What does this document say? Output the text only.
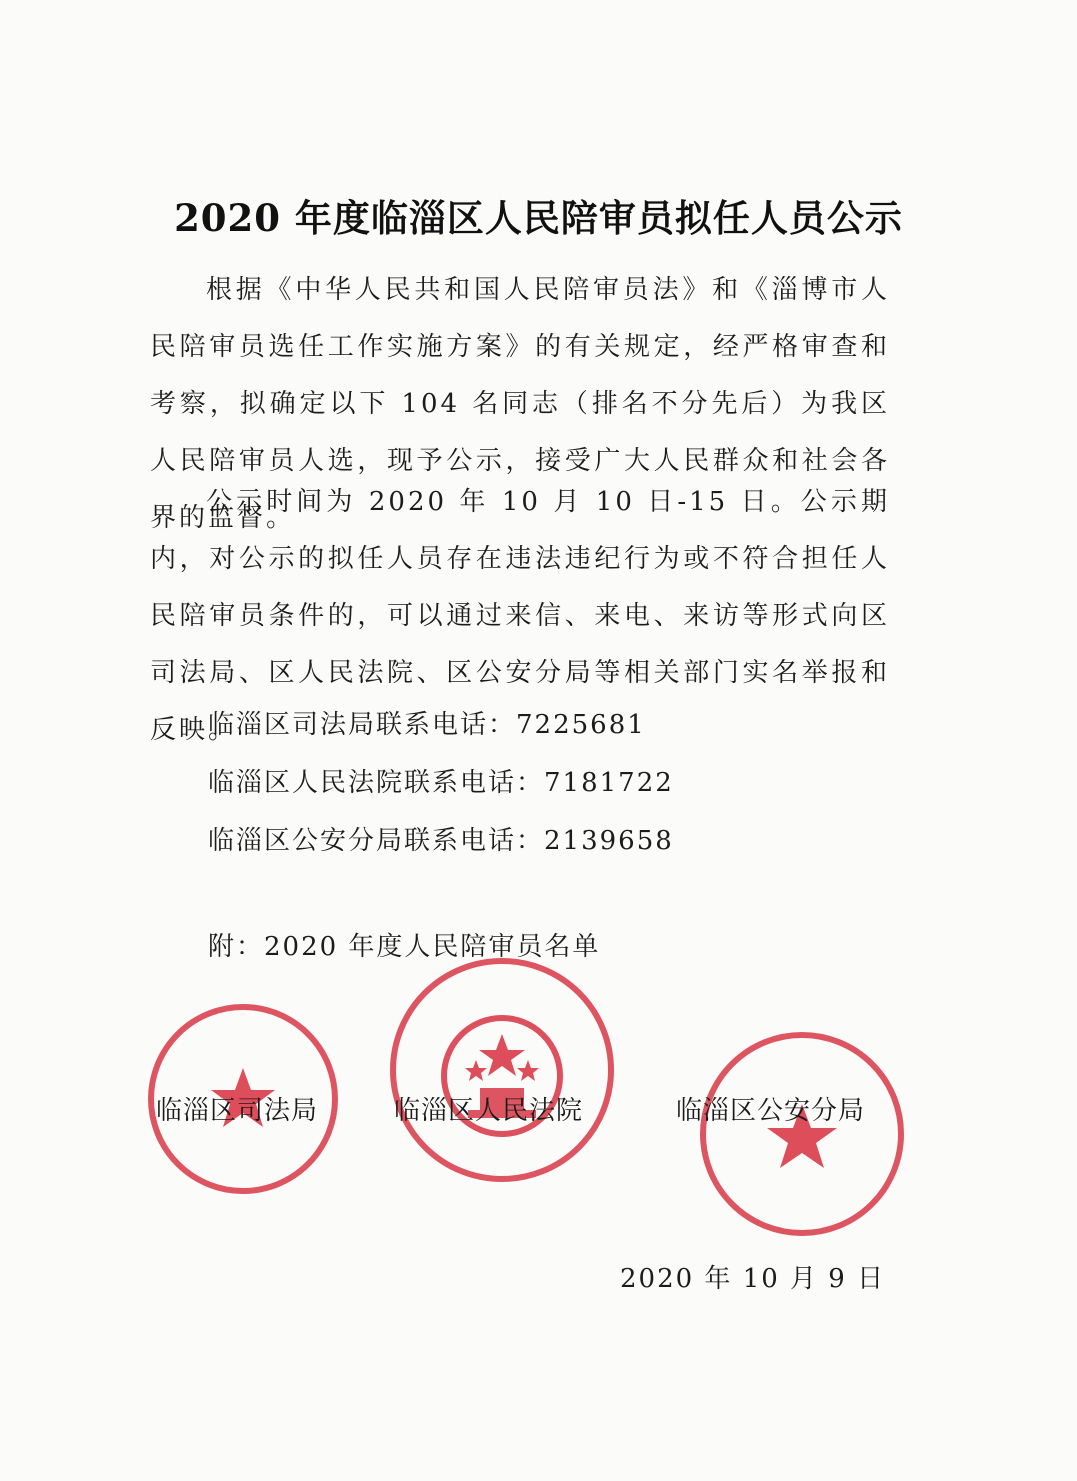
2020 年度临淄区人民陪审员拟任人员公示
根据《中华人民共和国人民陪审员法》和《淄博市人民陪审员选任工作实施方案》的有关规定，经严格审查和考察，拟确定以下 104 名同志（排名不分先后）为我区人民陪审员人选，现予公示，接受广大人民群众和社会各界的监督。
公示时间为 2020 年 10 月 10 日-15 日。公示期内，对公示的拟任人员存在违法违纪行为或不符合担任人民陪审员条件的，可以通过来信、来电、来访等形式向区司法局、区人民法院、区公安分局等相关部门实名举报和反映。
临淄区司法局联系电话：7225681
临淄区人民法院联系电话：7181722
临淄区公安分局联系电话：2139658
附：2020 年度人民陪审员名单
临淄区司法局	临淄区人民法院	临淄区公安分局
2020 年 10 月 9 日
